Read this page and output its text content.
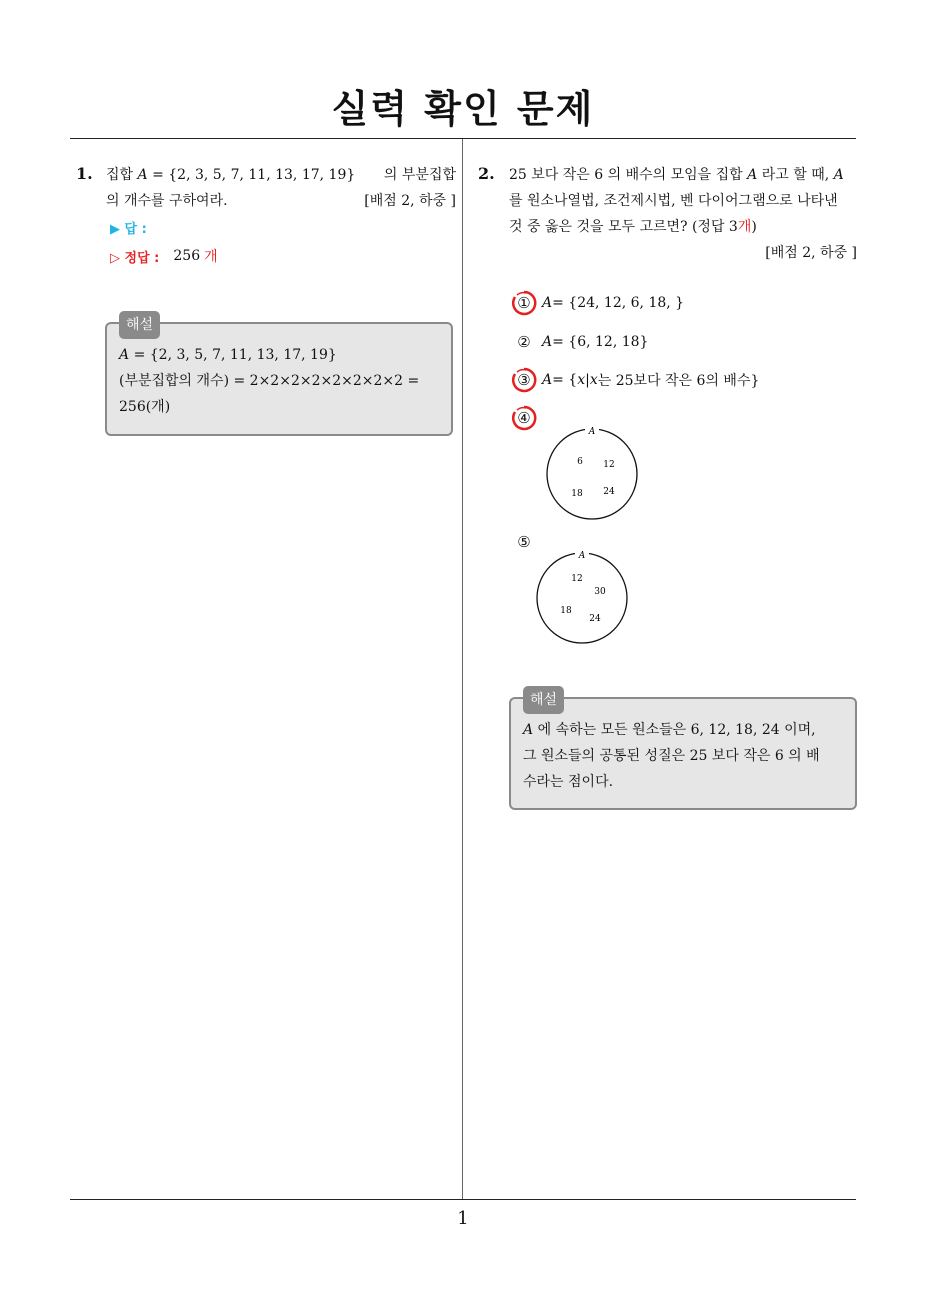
실력 확인 문제
1. 집합 A = {2, 3, 5, 7, 11, 13, 17, 19} 의 부분집합
의 개수를 구하여라.	[배점 2, 하중 ]
▶ 답 :
▷ 정답 : 256 개
해설
A = {2, 3, 5, 7, 11, 13, 17, 19}
(부분집합의 개수) = 2×2×2×2×2×2×2×2 =
256(개)
2. 25 보다 작은 6 의 배수의 모임을 집합 A 라고 할 때, A
를 원소나열법, 조건제시법, 벤 다이어그램으로 나타낸
것 중 옳은 것을 모두 고르면? (정답 3개)
[배점 2, 하중 ]
① A = {24, 12, 6, 18, }
② A = {6, 12, 18}
③ A = { x | x 는 25보다 작은 6의 배수}
④
A
6 12
18 24
⑤
A
12
30
18
24
해설
A 에 속하는 모든 원소들은 6, 12, 18, 24 이며,
그 원소들의 공통된 성질은 25 보다 작은 6 의 배
수라는 점이다.
1
